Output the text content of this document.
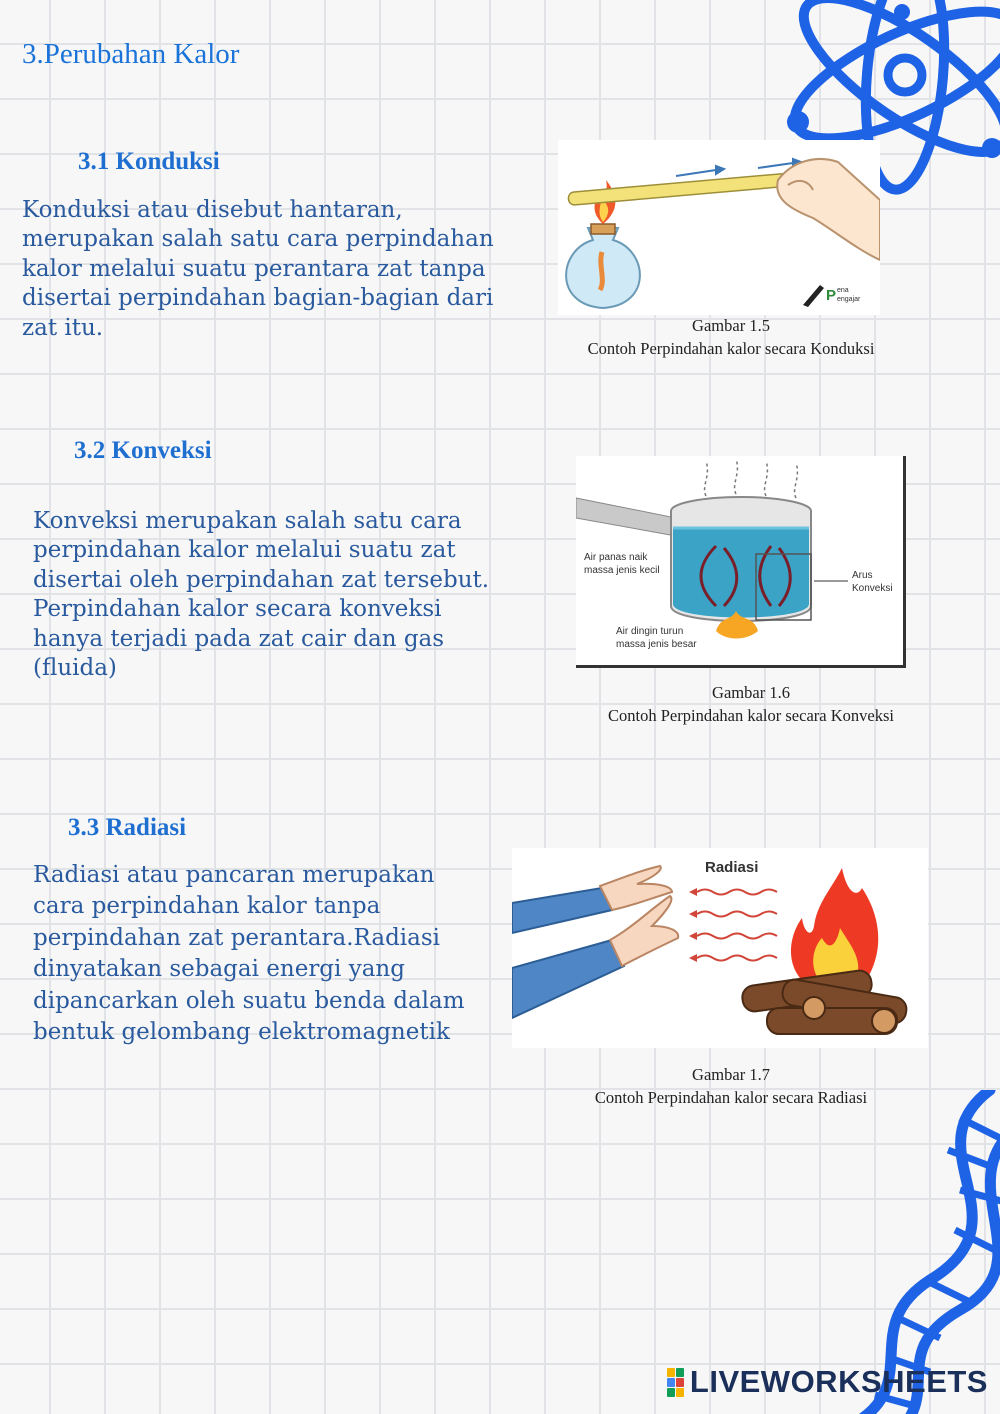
3.Perubahan Kalor
3.1 Konduksi
Konduksi atau disebut hantaran,
merupakan salah satu cara perpindahan
kalor melalui suatu perantara zat tanpa
disertai perpindahan bagian-bagian dari
zat itu.
P ena
engajar
Gambar 1.5
Contoh Perpindahan kalor secara Konduksi
3.2 Konveksi
Konveksi merupakan salah satu cara
perpindahan kalor melalui suatu zat
disertai oleh perpindahan zat tersebut.
Perpindahan kalor secara konveksi
hanya terjadi pada zat cair dan gas
(fluida)
Air panas naik
massa jenis kecil
Air dingin turun
massa jenis besar
Arus
Konveksi
Gambar 1.6
Contoh Perpindahan kalor secara Konveksi
3.3 Radiasi
Radiasi atau pancaran merupakan
cara perpindahan kalor tanpa
perpindahan zat perantara.Radiasi
dinyatakan sebagai energi yang
dipancarkan oleh suatu benda dalam
bentuk gelombang elektromagnetik
Radiasi
Gambar 1.7
Contoh Perpindahan kalor secara Radiasi
LIVEWORKSHEETS
